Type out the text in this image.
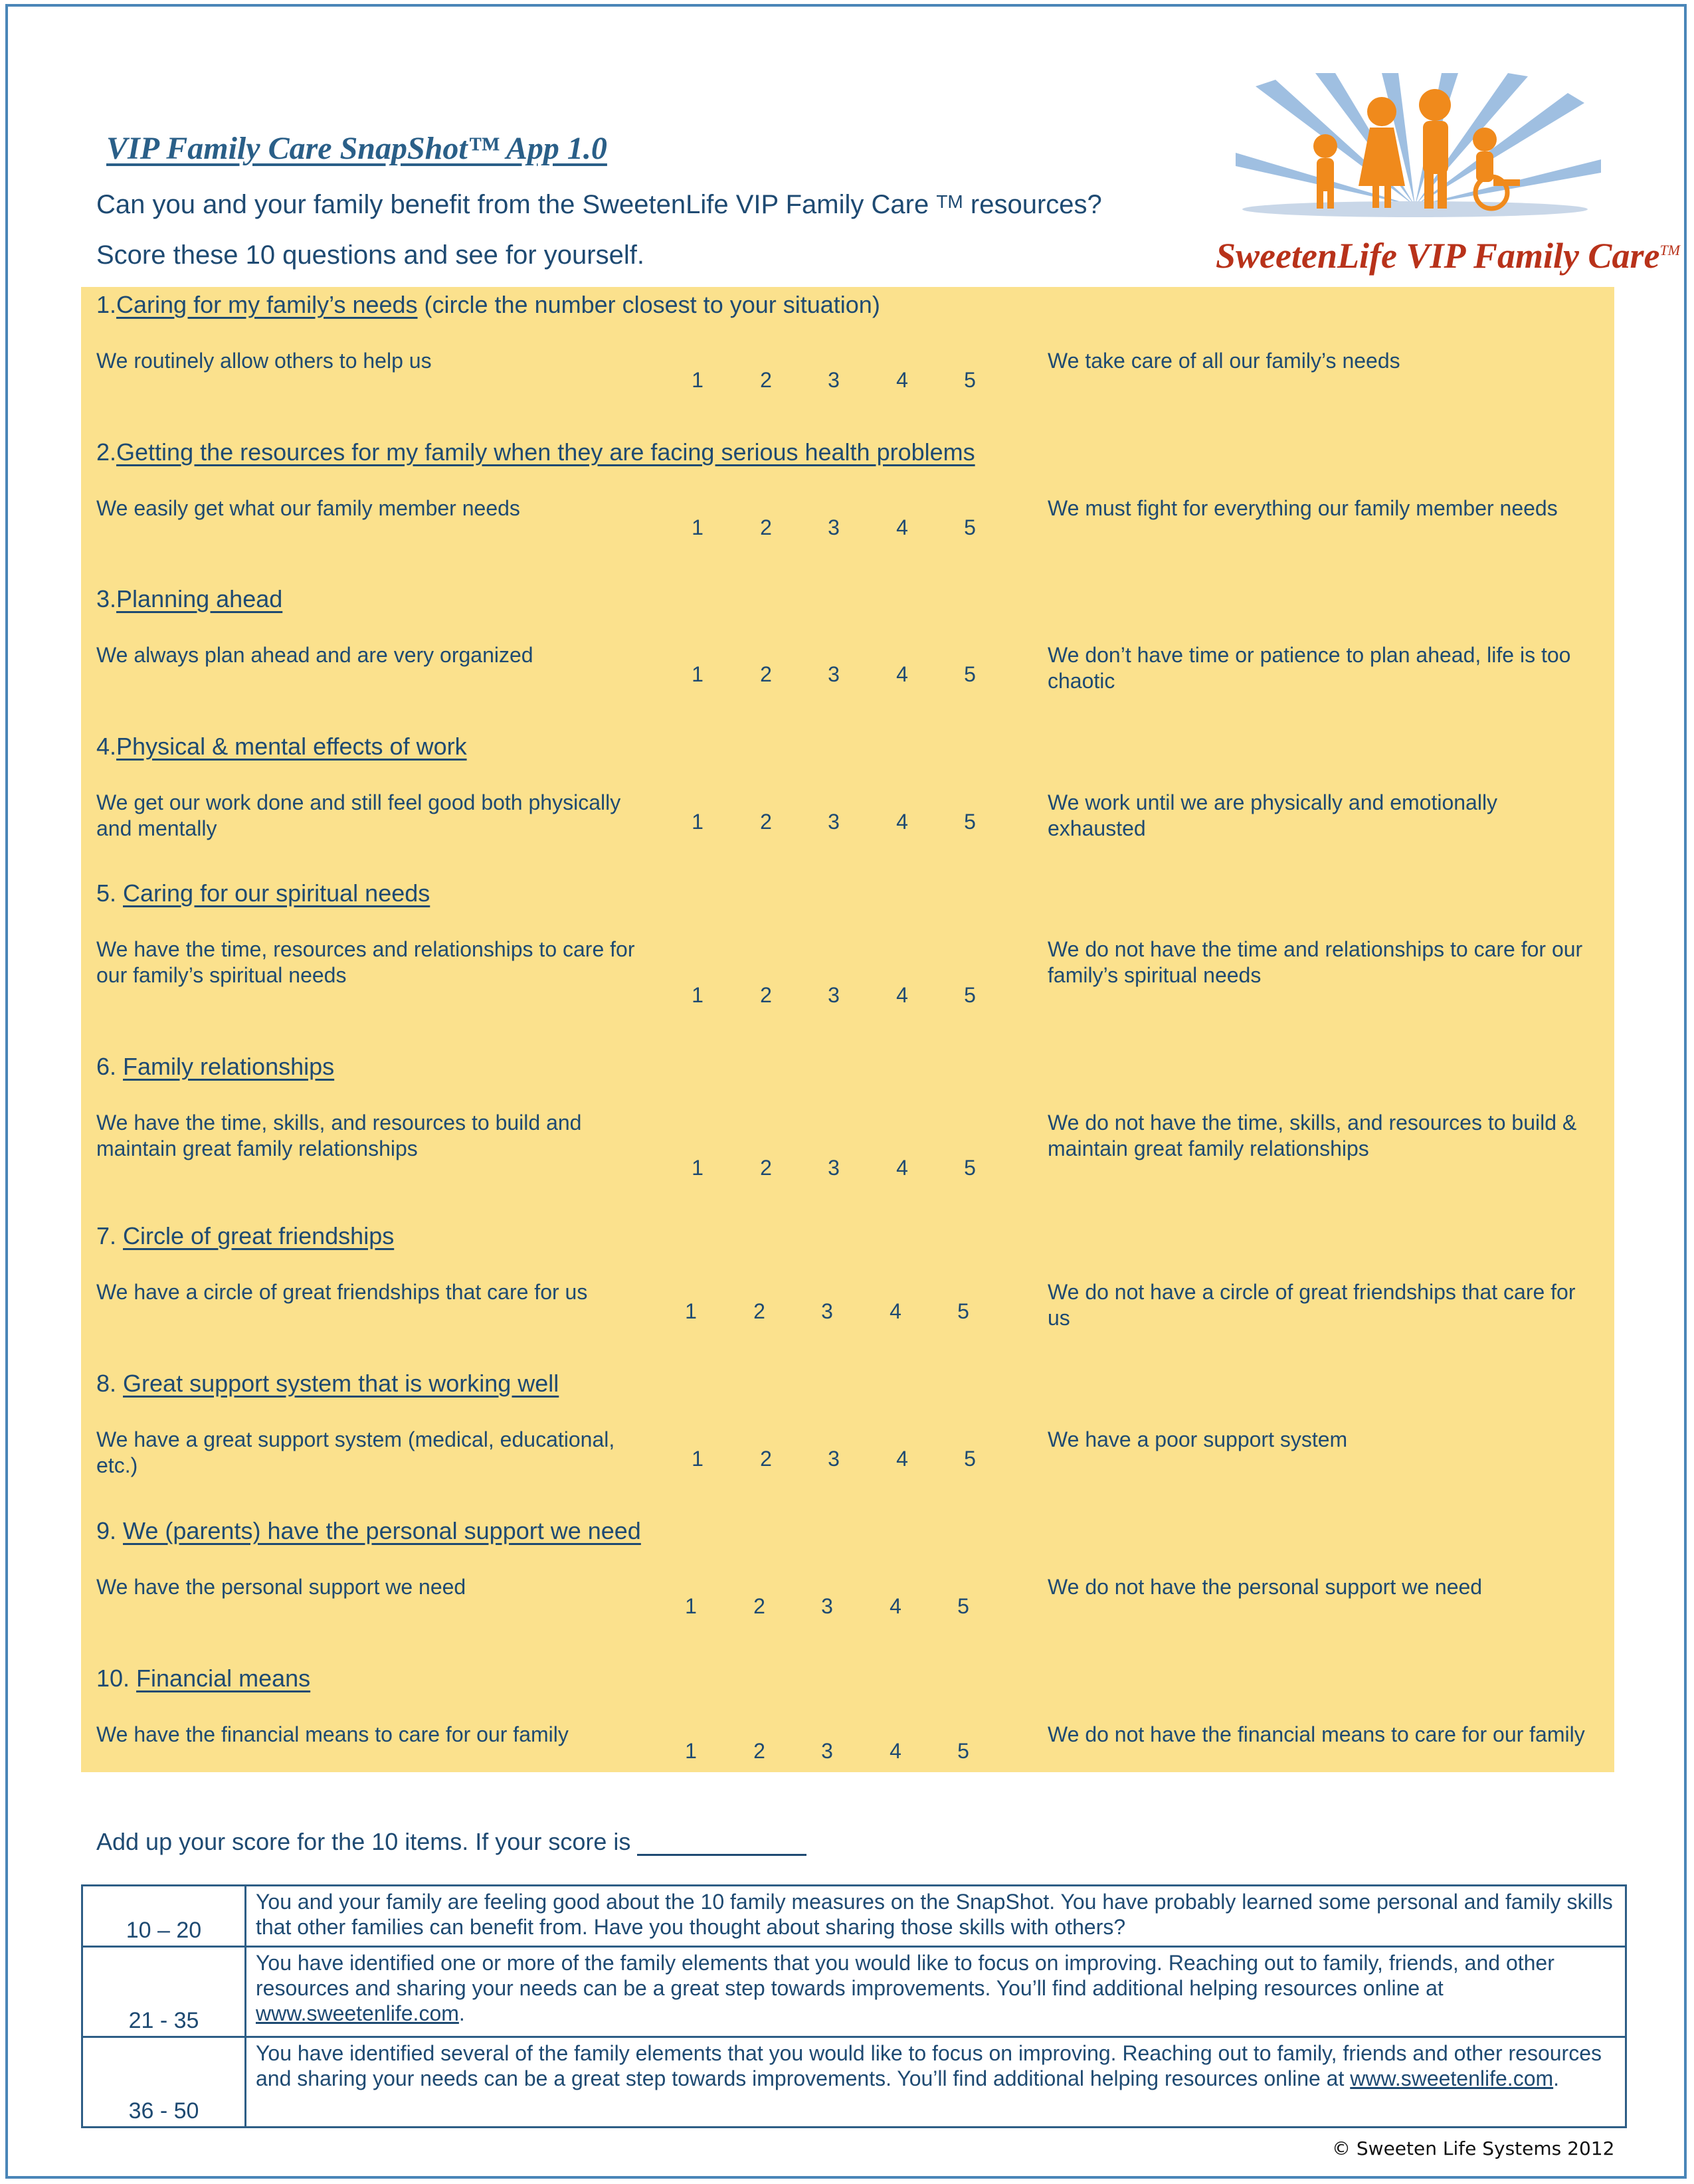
VIP Family Care SnapShot™ App 1.0
Can you and your family benefit from the SweetenLife VIP Family Care ™ resources?
Score these 10 questions and see for yourself.	SweetenLife VIP Family Care™
1.Caring for my family’s needs (circle the number closest to your situation)
We routinely allow others to help us	We take care of all our family’s needs
1	2	3	4	5
2.Getting the resources for my family when they are facing serious health problems
We easily get what our family member needs	We must fight for everything our family member needs
1	2	3	4	5
3.Planning ahead
We always plan ahead and are very organized	We don’t have time or patience to plan ahead, life is too chaotic
1	2	3	4	5
4.Physical & mental effects of work
We get our work done and still feel good both physically and mentally
We work until we are physically and emotionally exhausted
1	2	3	4	5
5. Caring for our spiritual needs
We have the time, resources and relationships to care for our family’s spiritual needs
We do not have the time and relationships to care for our family’s spiritual needs
1	2	3	4	5
6. Family relationships
We have the time, skills, and resources to build and maintain great family relationships
We do not have the time, skills, and resources to build & maintain great family relationships
1	2	3	4	5
7. Circle of great friendships
We have a circle of great friendships that care for us	We do not have a circle of great friendships that care for us
1	2	3	4	5
8. Great support system that is working well
We have a great support system (medical, educational, etc.)
We have a poor support system
1	2	3	4	5
9. We (parents) have the personal support we need
We have the personal support we need	We do not have the personal support we need
1	2	3	4	5
10. Financial means
We have the financial means to care for our family	We do not have the financial means to care for our family
1	2	3	4	5
Add up your score for the 10 items. If your score is
10 – 20	You and your family are feeling good about the 10 family measures on the SnapShot. You have probably learned some personal and family skills that other families can benefit from. Have you thought about sharing those skills with others?
21 - 35	You have identified one or more of the family elements that you would like to focus on improving. Reaching out to family, friends, and other resources and sharing your needs can be a great step towards improvements. You’ll find additional helping resources online at www.sweetenlife.com.
36 - 50	You have identified several of the family elements that you would like to focus on improving. Reaching out to family, friends and other resources and sharing your needs can be a great step towards improvements. You’ll find additional helping resources online at www.sweetenlife.com.
© Sweeten Life Systems 2012
